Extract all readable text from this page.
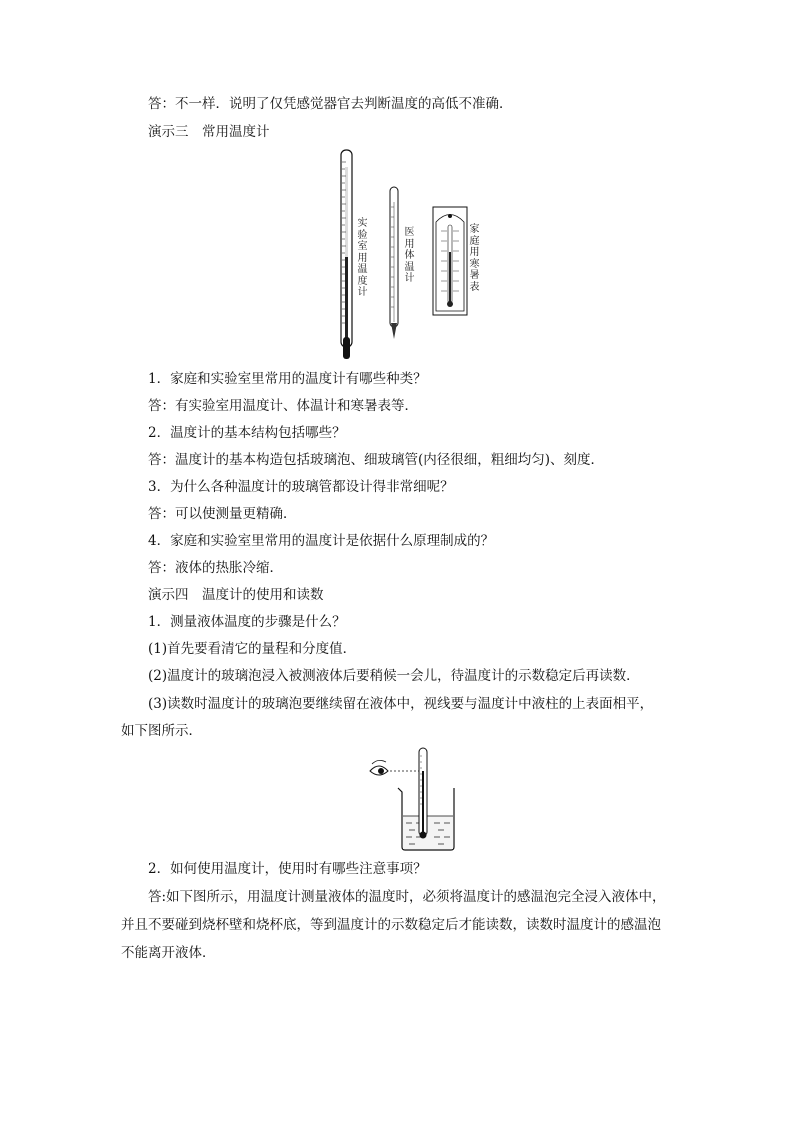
答：不一样．说明了仅凭感觉器官去判断温度的高低不准确．
演示三　常用温度计
实验室用温度计
医用体温计
家庭用寒暑表
1．家庭和实验室里常用的温度计有哪些种类？
答：有实验室用温度计、体温计和寒暑表等．
2．温度计的基本结构包括哪些？
答：温度计的基本构造包括玻璃泡、细玻璃管(内径很细，粗细均匀)、刻度．
3．为什么各种温度计的玻璃管都设计得非常细呢？
答：可以使测量更精确．
4．家庭和实验室里常用的温度计是依据什么原理制成的？
答：液体的热胀冷缩．
演示四　温度计的使用和读数
1．测量液体温度的步骤是什么？
(1)首先要看清它的量程和分度值．
(2)温度计的玻璃泡浸入被测液体后要稍候一会儿，待温度计的示数稳定后再读数．
(3)读数时温度计的玻璃泡要继续留在液体中，视线要与温度计中液柱的上表面相平，
如下图所示．
2．如何使用温度计，使用时有哪些注意事项？
答:如下图所示，用温度计测量液体的温度时，必须将温度计的感温泡完全浸入液体中，
并且不要碰到烧杯壁和烧杯底，等到温度计的示数稳定后才能读数，读数时温度计的感温泡
不能离开液体．
